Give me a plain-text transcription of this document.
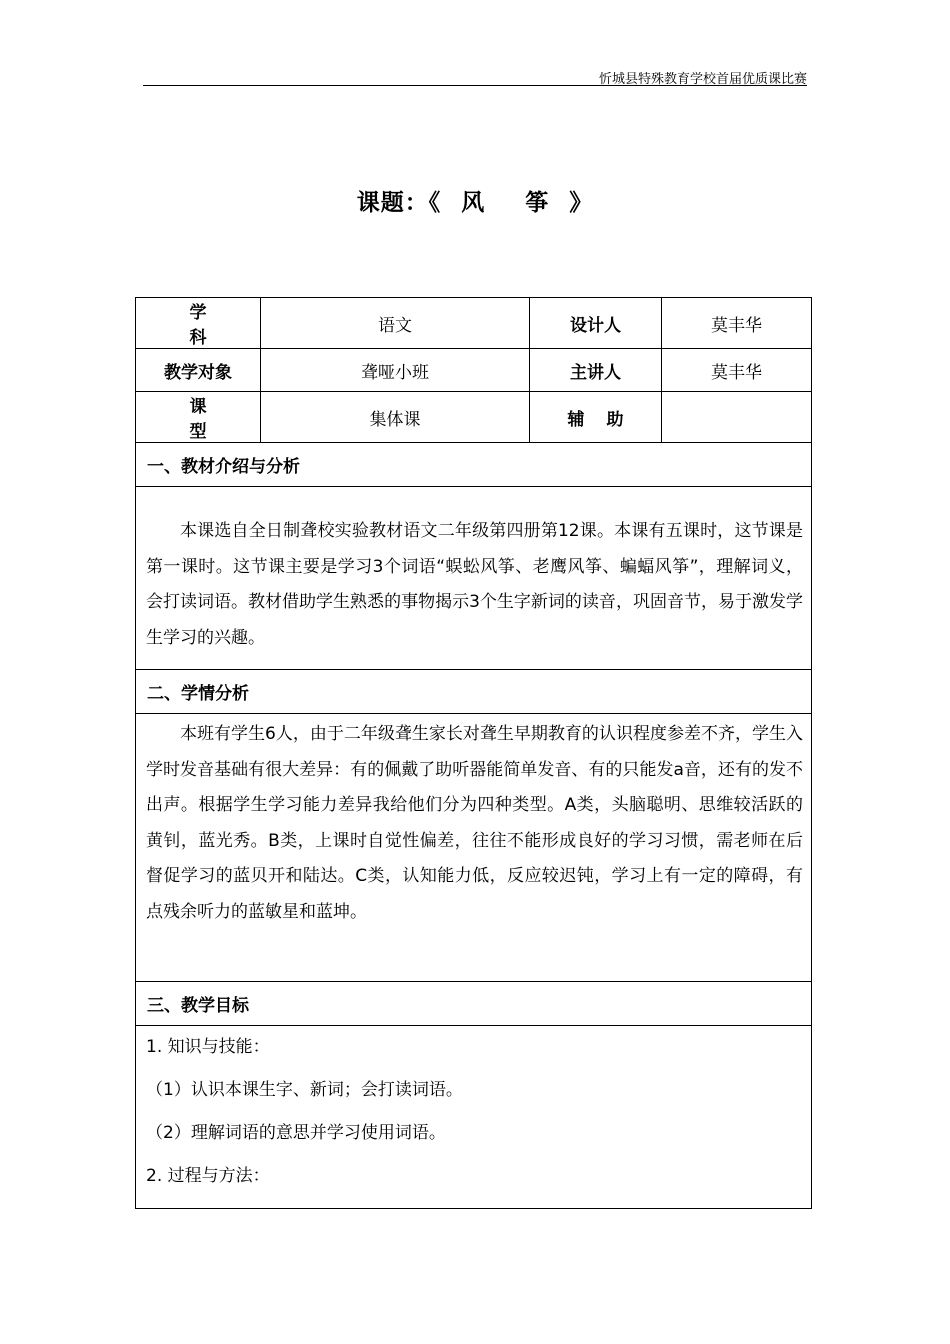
忻城县特殊教育学校首届优质课比赛
课题：《 风 筝 》
学科	语文	设计人	莫丰华
教学对象	聋哑小班	主讲人	莫丰华
课型	集体课	辅助	
一、教材介绍与分析			

本课选自全日制聋校实验教材语文二年级第四册第12课。本课有五课时，这节课是第一课时。这节课主要是学习3个词语“蜈蚣风筝、老鹰风筝、蝙蝠风筝”，理解词义，会打读词语。教材借助学生熟悉的事物揭示3个生字新词的读音，巩固音节，易于激发学生学习的兴趣。			

二、学情分析			

本班有学生6人，由于二年级聋生家长对聋生早期教育的认识程度参差不齐，学生入学时发音基础有很大差异：有的佩戴了助听器能简单发音、有的只能发a音，还有的发不出声。根据学生学习能力差异我给他们分为四种类型。A类，头脑聪明、思维较活跃的黄钊，蓝光秀。B类，上课时自觉性偏差，往往不能形成良好的学习习惯，需老师在后督促学习的蓝贝开和陆达。C类，认知能力低，反应较迟钝，学习上有一定的障碍，有点残余听力的蓝敏星和蓝坤。			

三、教学目标			

1. 知识与技能：
（1）认识本课生字、新词；会打读词语。
（2）理解词语的意思并学习使用词语。
2. 过程与方法：			
